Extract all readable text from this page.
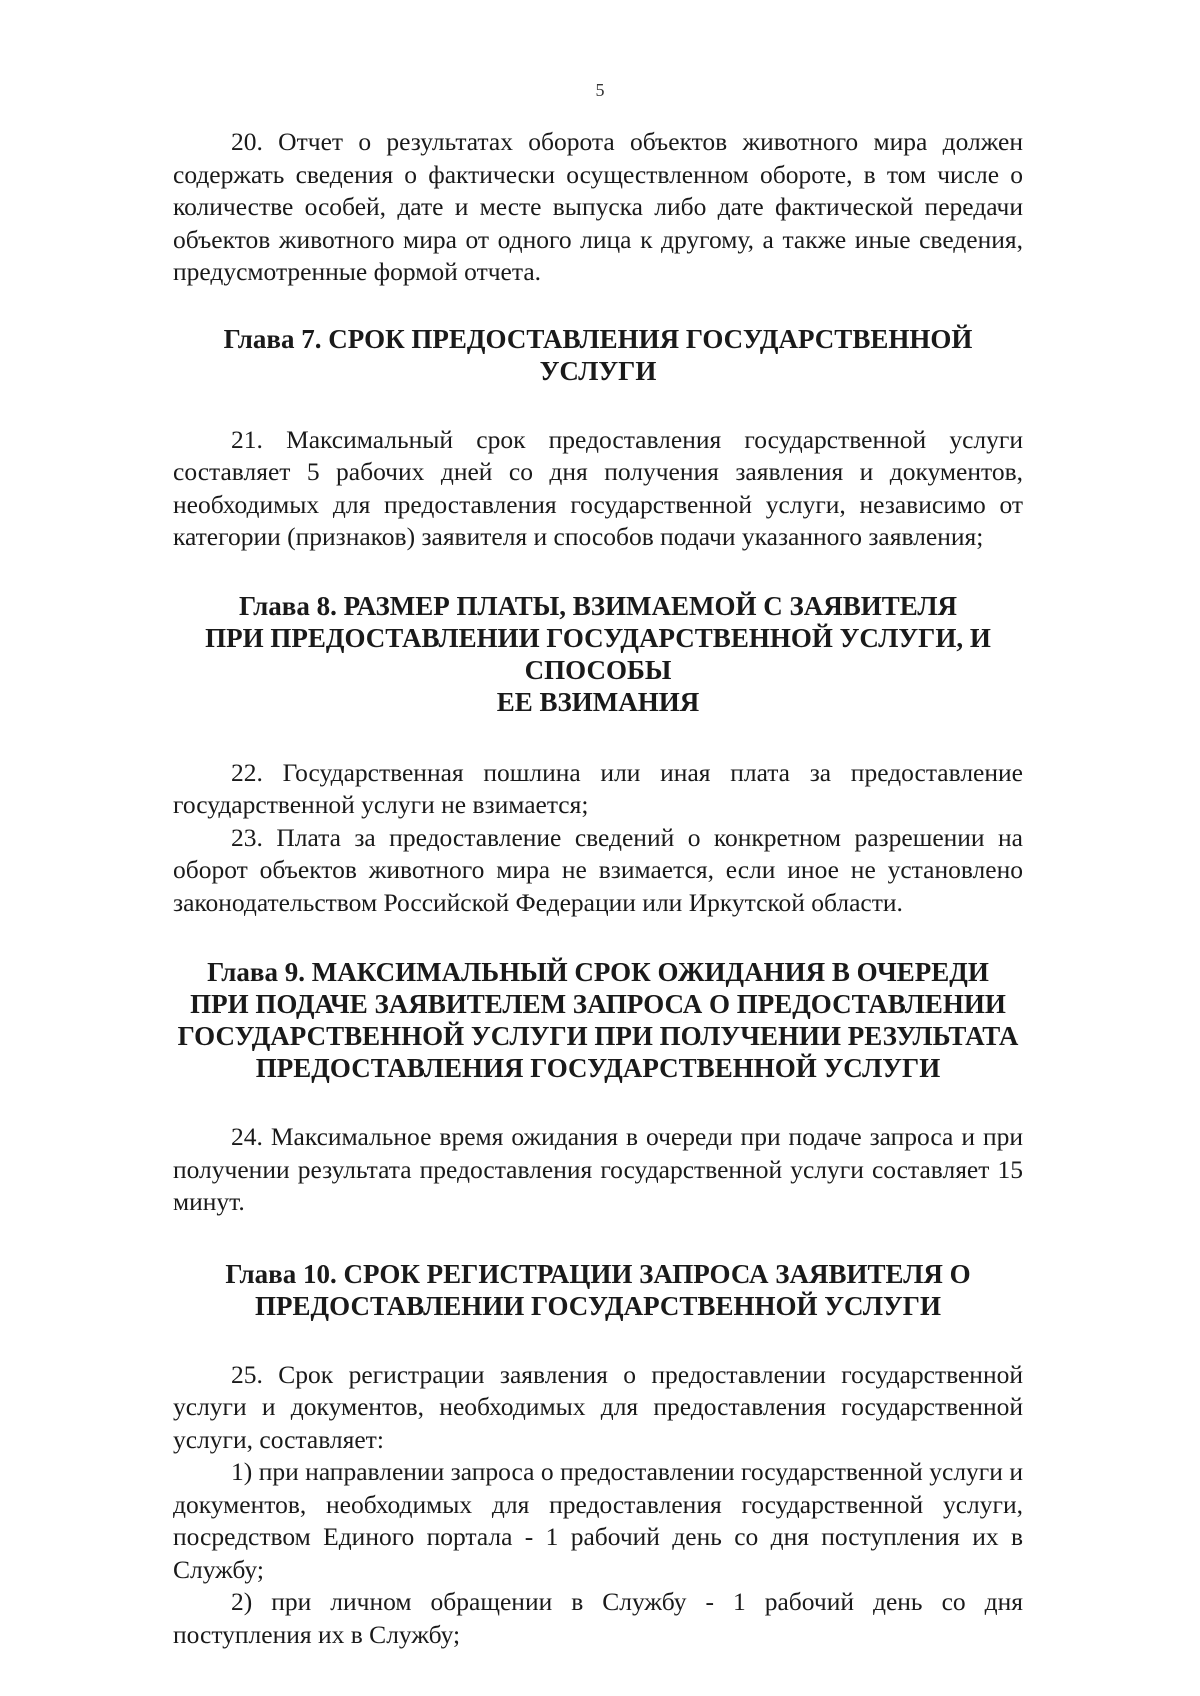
5

20. Отчет о результатах оборота объектов животного мира должен содержать сведения о фактически осуществленном обороте, в том числе о количестве особей, дате и месте выпуска либо дате фактической передачи объектов животного мира от одного лица к другому, а также иные сведения, предусмотренные формой отчета.

Глава 7. СРОК ПРЕДОСТАВЛЕНИЯ ГОСУДАРСТВЕННОЙ УСЛУГИ

21. Максимальный срок предоставления государственной услуги составляет 5 рабочих дней со дня получения заявления и документов, необходимых для предоставления государственной услуги, независимо от категории (признаков) заявителя и способов подачи указанного заявления;

Глава 8. РАЗМЕР ПЛАТЫ, ВЗИМАЕМОЙ С ЗАЯВИТЕЛЯ
ПРИ ПРЕДОСТАВЛЕНИИ ГОСУДАРСТВЕННОЙ УСЛУГИ, И СПОСОБЫ
ЕЕ ВЗИМАНИЯ

22. Государственная пошлина или иная плата за предоставление государственной услуги не взимается;

23. Плата за предоставление сведений о конкретном разрешении на оборот объектов животного мира не взимается, если иное не установлено законодательством Российской Федерации или Иркутской области.

Глава 9. МАКСИМАЛЬНЫЙ СРОК ОЖИДАНИЯ В ОЧЕРЕДИ
ПРИ ПОДАЧЕ ЗАЯВИТЕЛЕМ ЗАПРОСА О ПРЕДОСТАВЛЕНИИ
ГОСУДАРСТВЕННОЙ УСЛУГИ ПРИ ПОЛУЧЕНИИ РЕЗУЛЬТАТА
ПРЕДОСТАВЛЕНИЯ ГОСУДАРСТВЕННОЙ УСЛУГИ

24. Максимальное время ожидания в очереди при подаче запроса и при получении результата предоставления государственной услуги составляет 15 минут.

Глава 10. СРОК РЕГИСТРАЦИИ ЗАПРОСА ЗАЯВИТЕЛЯ О
ПРЕДОСТАВЛЕНИИ ГОСУДАРСТВЕННОЙ УСЛУГИ

25. Срок регистрации заявления о предоставлении государственной услуги и документов, необходимых для предоставления государственной услуги, составляет:

1) при направлении запроса о предоставлении государственной услуги и документов, необходимых для предоставления государственной услуги, посредством Единого портала - 1 рабочий день со дня поступления их в Службу;

2) при личном обращении в Службу - 1 рабочий день со дня поступления их в Службу;
